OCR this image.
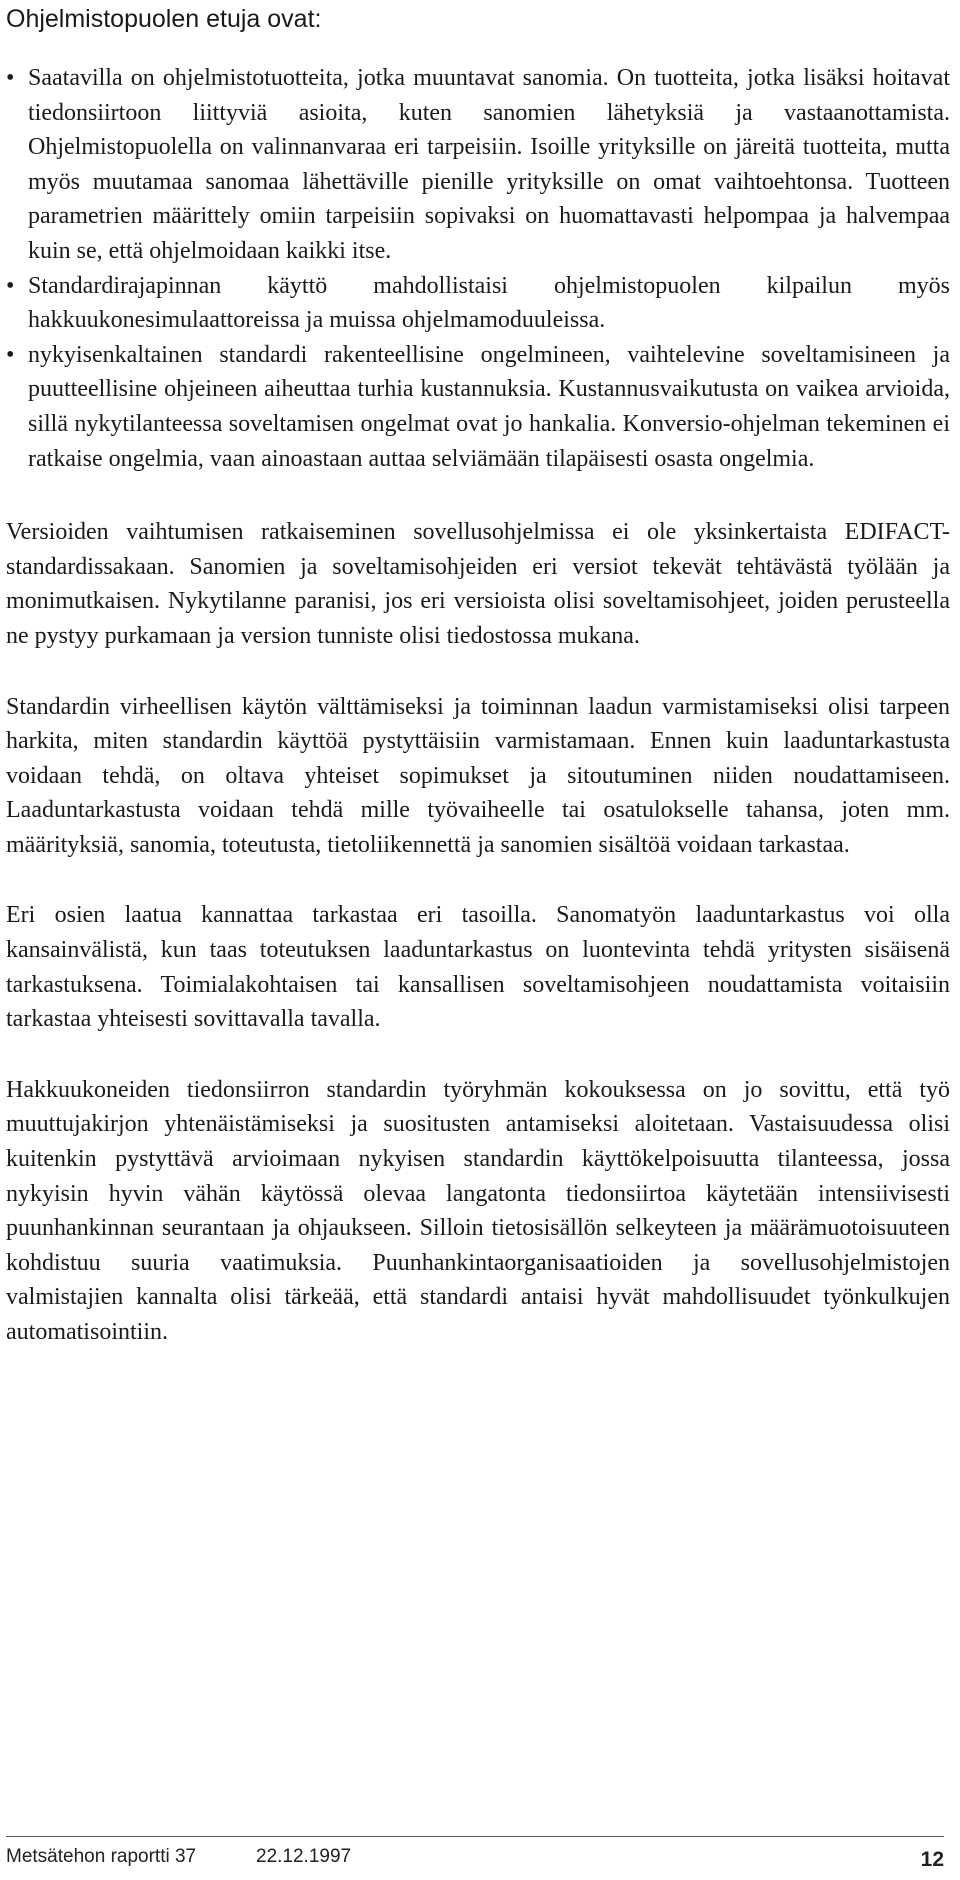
Ohjelmistopuolen etuja ovat:
• Saatavilla on ohjelmistotuotteita, jotka muuntavat sanomia. On tuotteita, jotka lisäksi hoitavat tiedonsiirtoon liittyviä asioita, kuten sanomien lähetyksiä ja vastaanottamista. Ohjelmistopuolella on valinnanvaraa eri tarpeisiin. Isoille yrityksille on järeitä tuotteita, mutta myös muutamaa sanomaa lähettäville pienille yrityksille on omat vaihtoehtonsa. Tuotteen parametrien määrittely omiin tarpeisiin sopivaksi on huomattavasti helpompaa ja halvempaa kuin se, että ohjelmoidaan kaikki itse.
• Standardirajapinnan käyttö mahdollistaisi ohjelmistopuolen kilpailun myös hakkuukonesimulaattoreissa ja muissa ohjelmamoduuleissa.
• nykyisenkaltainen standardi rakenteellisine ongelmineen, vaihtelevine soveltamisineen ja puutteellisine ohjeineen aiheuttaa turhia kustannuksia. Kustannusvaikutusta on vaikea arvioida, sillä nykytilanteessa soveltamisen ongelmat ovat jo hankalia. Konversio-ohjelman tekeminen ei ratkaise ongelmia, vaan ainoastaan auttaa selviämään tilapäisesti osasta ongelmia.

Versioiden vaihtumisen ratkaiseminen sovellusohjelmissa ei ole yksinkertaista EDIFACT-standardissakaan. Sanomien ja soveltamisohjeiden eri versiot tekevät tehtävästä työlään ja monimutkaisen. Nykytilanne paranisi, jos eri versioista olisi soveltamisohjeet, joiden perusteella ne pystyy purkamaan ja version tunniste olisi tiedostossa mukana.

Standardin virheellisen käytön välttämiseksi ja toiminnan laadun varmistamiseksi olisi tarpeen harkita, miten standardin käyttöä pystyttäisiin varmistamaan. Ennen kuin laaduntarkastusta voidaan tehdä, on oltava yhteiset sopimukset ja sitoutuminen niiden noudattamiseen. Laaduntarkastusta voidaan tehdä mille työvaiheelle tai osatulokselle tahansa, joten mm. määrityksiä, sanomia, toteutusta, tietoliikennettä ja sanomien sisältöä voidaan tarkastaa.

Eri osien laatua kannattaa tarkastaa eri tasoilla. Sanomatyön laaduntarkastus voi olla kansainvälistä, kun taas toteutuksen laaduntarkastus on luontevinta tehdä yritysten sisäisenä tarkastuksena. Toimialakohtaisen tai kansallisen soveltamisohjeen noudattamista voitaisiin tarkastaa yhteisesti sovittavalla tavalla.

Hakkuukoneiden tiedonsiirron standardin työryhmän kokouksessa on jo sovittu, että työ muuttujakirjon yhtenäistämiseksi ja suositusten antamiseksi aloitetaan. Vastaisuudessa olisi kuitenkin pystyttävä arvioimaan nykyisen standardin käyttökelpoisuutta tilanteessa, jossa nykyisin hyvin vähän käytössä olevaa langatonta tiedonsiirtoa käytetään intensiivisesti puunhankinnan seurantaan ja ohjaukseen. Silloin tietosisällön selkeyteen ja määrämuotoisuuteen kohdistuu suuria vaatimuksia. Puunhankintaorganisaatioiden ja sovellusohjelmistojen valmistajien kannalta olisi tärkeää, että standardi antaisi hyvät mahdollisuudet työnkulkujen automatisointiin.

Metsätehon raportti 37	22.12.1997	12
